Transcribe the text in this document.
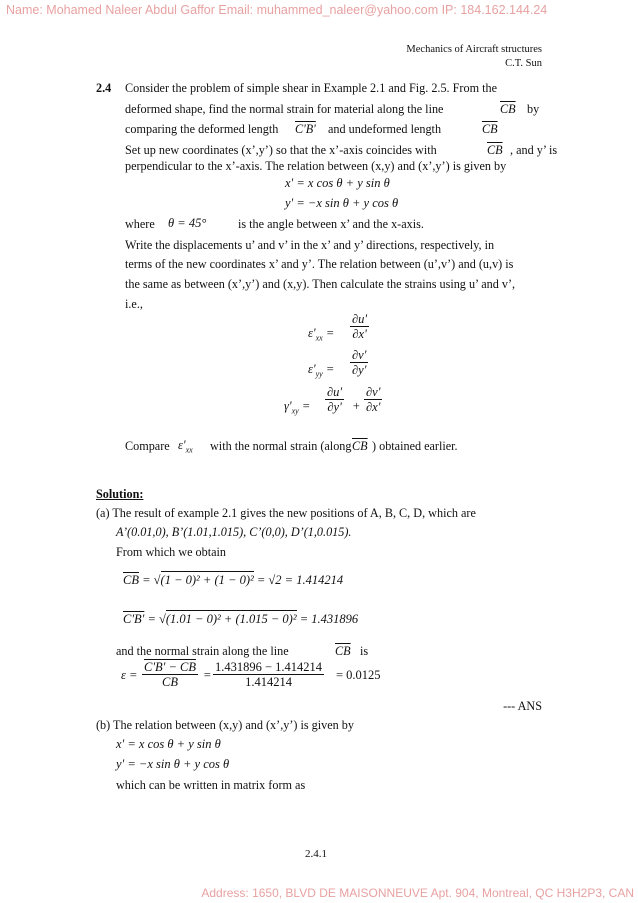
Name: Mohamed Naleer Abdul Gaffor Email: muhammed_naleer@yahoo.com IP: 184.162.144.24
Mechanics of Aircraft structures
C.T. Sun
2.4 Consider the problem of simple shear in Example 2.1 and Fig. 2.5. From the
deformed shape, find the normal strain for material along the line	$\overline{CB}$ by
comparing the deformed length C'B' and undeformed length	$\overline{CB}$
Set up new coordinates (x’,y’) so that the x’-axis coincides with	$\overline{CB}$ , and y’ is
perpendicular to the x’-axis. The relation between (x,y) and (x’,y’) is given by
x' = x cos θ + y sin θ
y' = −x sin θ + y cos θ
where θ = 45°	is the angle between x’ and the x-axis.
Write the displacements u’ and v’ in the x’ and y’ directions, respectively, in
terms of the new coordinates x’ and y’. The relation between (u’,v’) and (u,v) is
the same as between (x’,y’) and (x,y). Then calculate the strains using u’ and v’,
i.e.,
$\varepsilon'_{xx} = \frac{\partial u'}{\partial x'}$
$\varepsilon'_{yy} = \frac{\partial v'}{\partial y'}$
$\gamma'_{xy} = \frac{\partial u'}{\partial y'} + \frac{\partial v'}{\partial x'}$
Compare $\varepsilon'_{xx}$ with the normal strain (along $\overline{CB}$ ) obtained earlier.
Solution:
(a) The result of example 2.1 gives the new positions of A, B, C, D, which are
A’(0.01,0), B’(1.01,1.015), C’(0,0), D’(1,0.015).
From which we obtain
$\overline{CB} = √(1 - 0)^2 + (1 - 0)^2 = √2 = 1.414214$
C'B' = √(1.01 − 0)² + (1.015 − 0)² = 1.431896
and the normal strain along the line	$\overline{CB}$ is
$\varepsilon = \frac{C'B' - CB}{CB} = \frac{1.431896 - 1.414214}{1.414214} = 0.0125$
--- ANS
(b) The relation between (x,y) and (x’,y’) is given by
x' = x cos θ + y sin θ
y' = −x sin θ + y cos θ
which can be written in matrix form as
2.4.1
Address: 1650, BLVD DE MAISONNEUVE Apt. 904, Montreal, QC H3H2P3, CAN
